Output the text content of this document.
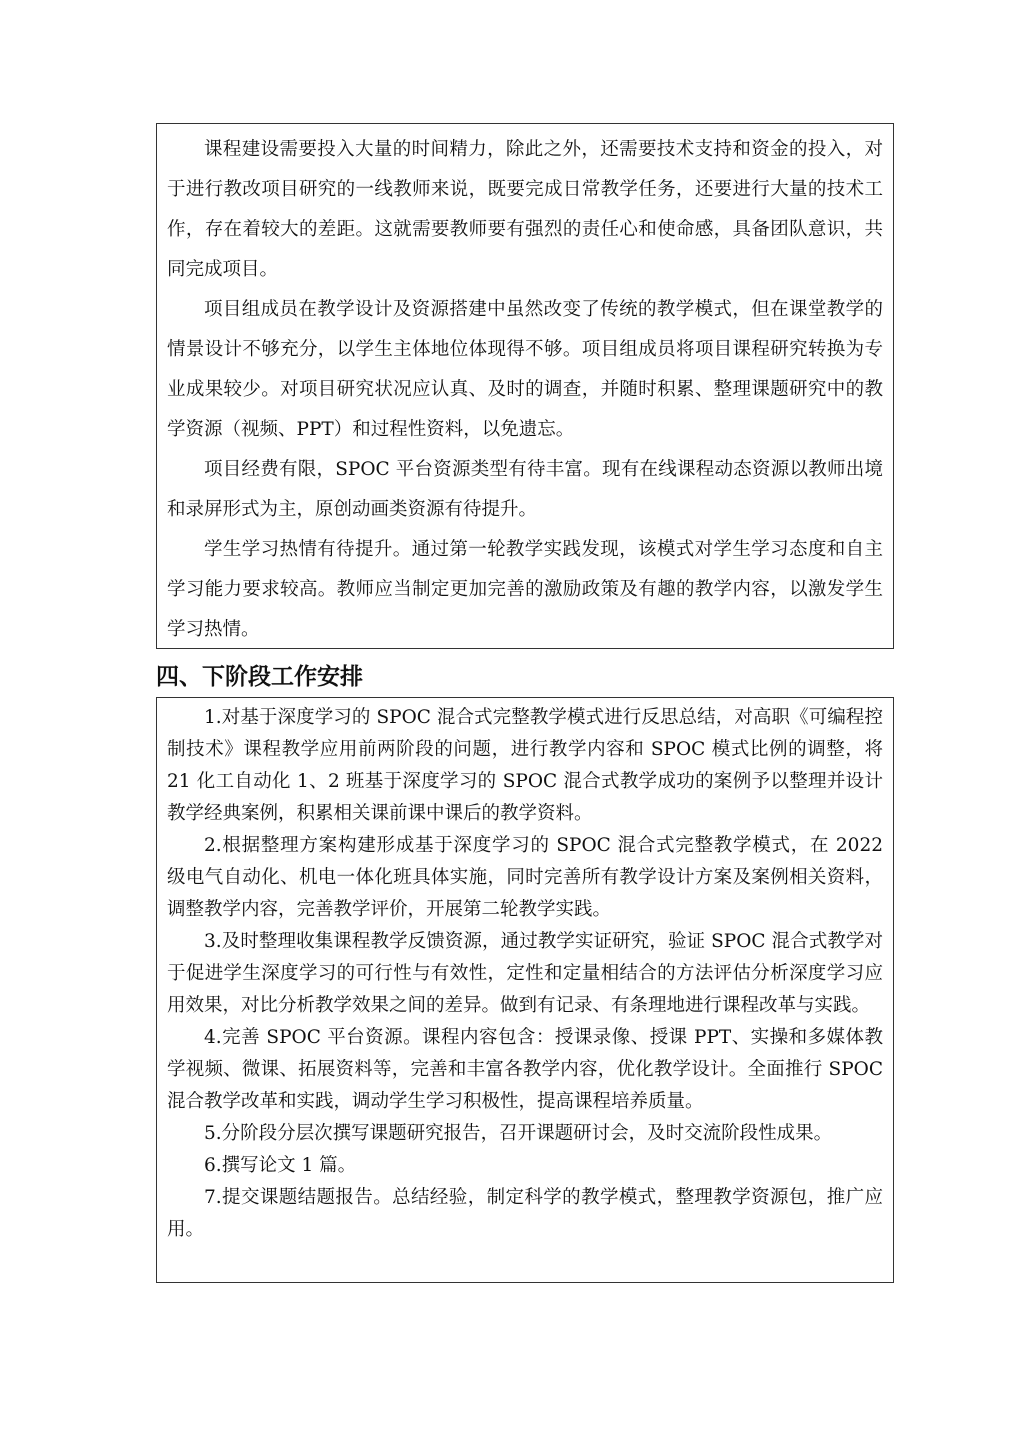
课程建设需要投入大量的时间精力，除此之外，还需要技术支持和资金的投入，对于进行教改项目研究的一线教师来说，既要完成日常教学任务，还要进行大量的技术工作，存在着较大的差距。这就需要教师要有强烈的责任心和使命感，具备团队意识，共同完成项目。

项目组成员在教学设计及资源搭建中虽然改变了传统的教学模式，但在课堂教学的情景设计不够充分，以学生主体地位体现得不够。项目组成员将项目课程研究转换为专业成果较少。对项目研究状况应认真、及时的调查，并随时积累、整理课题研究中的教学资源（视频、PPT）和过程性资料，以免遗忘。

项目经费有限，SPOC 平台资源类型有待丰富。现有在线课程动态资源以教师出境和录屏形式为主，原创动画类资源有待提升。

学生学习热情有待提升。通过第一轮教学实践发现，该模式对学生学习态度和自主学习能力要求较高。教师应当制定更加完善的激励政策及有趣的教学内容，以激发学生学习热情。

四、下阶段工作安排

1.对基于深度学习的 SPOC 混合式完整教学模式进行反思总结，对高职《可编程控制技术》课程教学应用前两阶段的问题，进行教学内容和 SPOC 模式比例的调整，将 21 化工自动化 1、2 班基于深度学习的 SPOC 混合式教学成功的案例予以整理并设计教学经典案例，积累相关课前课中课后的教学资料。

2.根据整理方案构建形成基于深度学习的 SPOC 混合式完整教学模式，在 2022 级电气自动化、机电一体化班具体实施，同时完善所有教学设计方案及案例相关资料，调整教学内容，完善教学评价，开展第二轮教学实践。

3.及时整理收集课程教学反馈资源，通过教学实证研究，验证 SPOC 混合式教学对于促进学生深度学习的可行性与有效性，定性和定量相结合的方法评估分析深度学习应用效果，对比分析教学效果之间的差异。做到有记录、有条理地进行课程改革与实践。

4.完善 SPOC 平台资源。课程内容包含：授课录像、授课 PPT、实操和多媒体教学视频、微课、拓展资料等，完善和丰富各教学内容，优化教学设计。全面推行 SPOC 混合教学改革和实践，调动学生学习积极性，提高课程培养质量。

5.分阶段分层次撰写课题研究报告，召开课题研讨会，及时交流阶段性成果。

6.撰写论文 1 篇。

7.提交课题结题报告。总结经验，制定科学的教学模式，整理教学资源包，推广应用。
